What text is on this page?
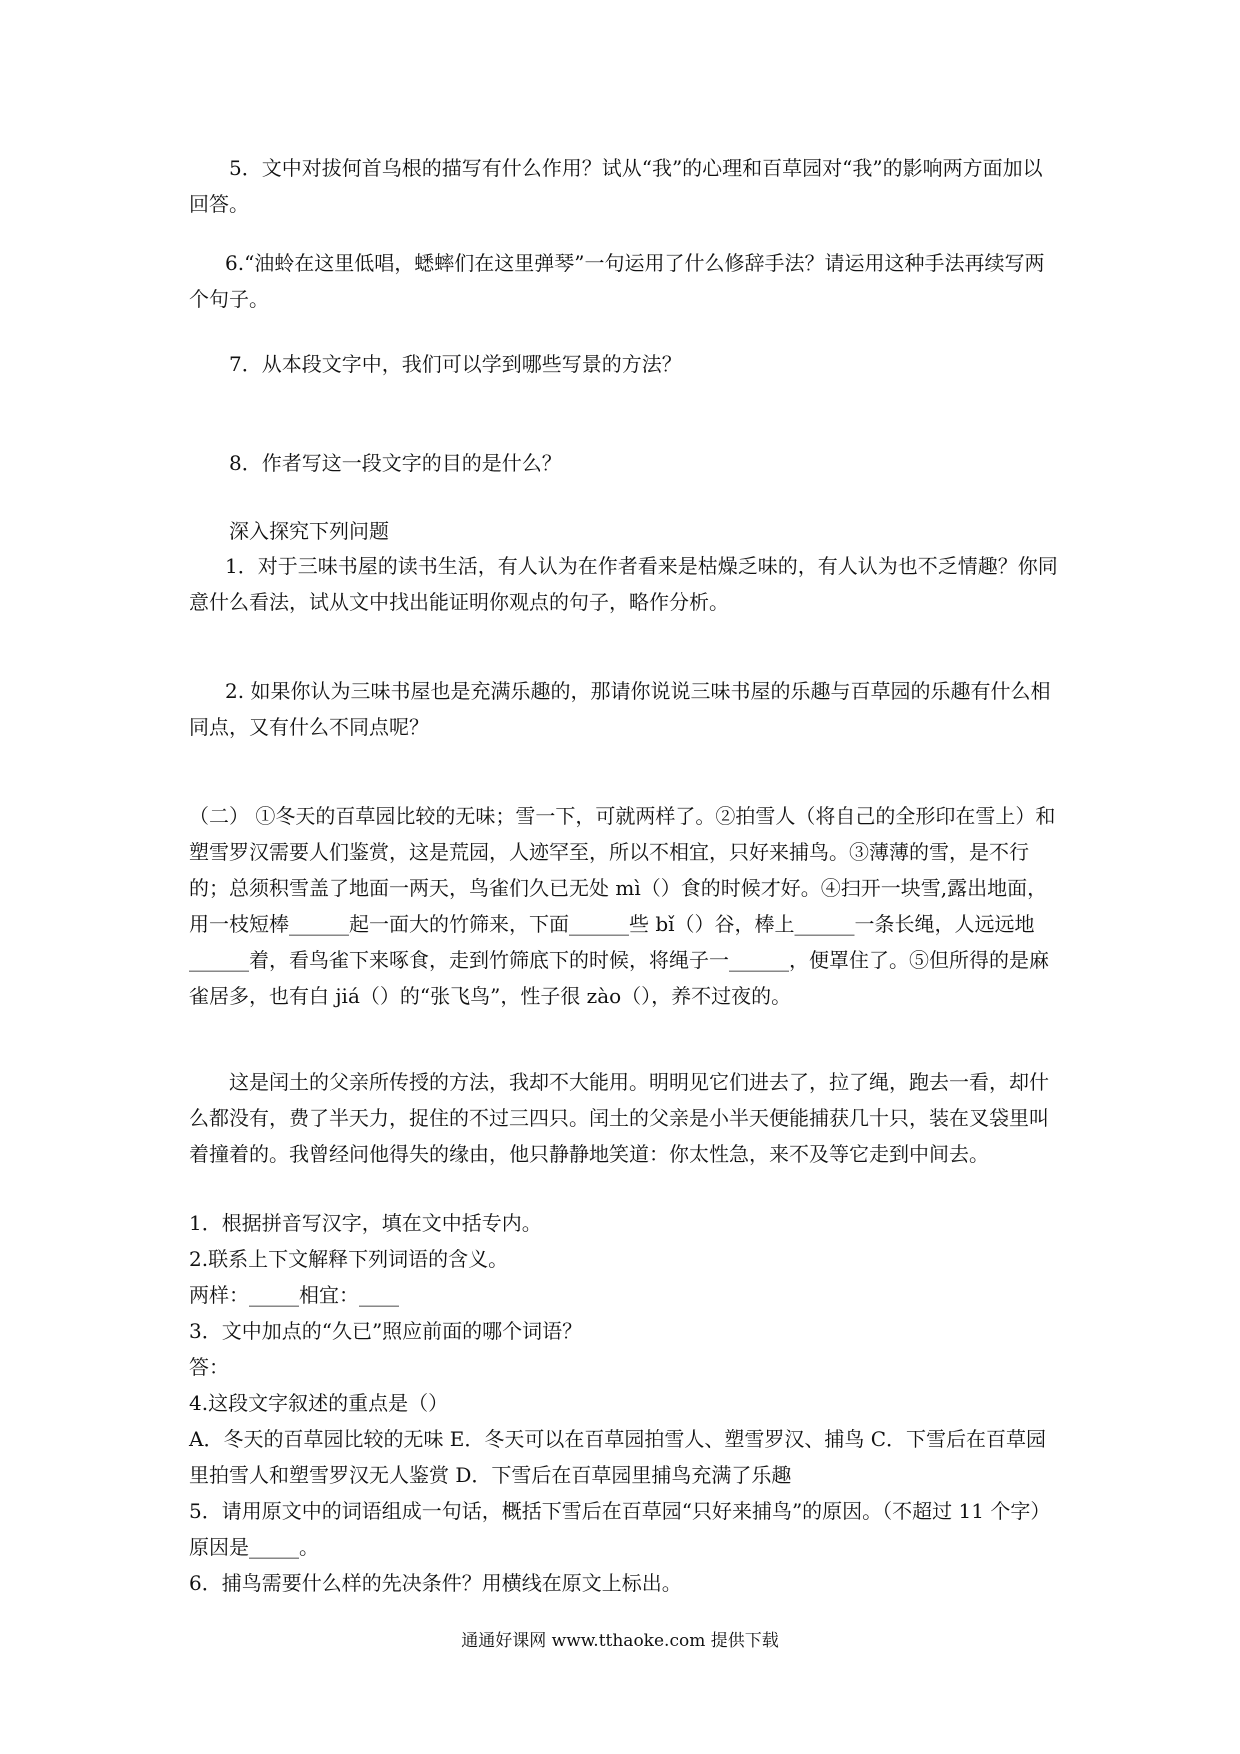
5．文中对拔何首乌根的描写有什么作用？试从“我”的心理和百草园对“我”的影响两方面加以回答。

6.“油蛉在这里低唱，蟋蟀们在这里弹琴”一句运用了什么修辞手法？请运用这种手法再续写两个句子。

7．从本段文字中，我们可以学到哪些写景的方法？

8．作者写这一段文字的目的是什么？

深入探究下列问题

1．对于三味书屋的读书生活，有人认为在作者看来是枯燥乏味的，有人认为也不乏情趣？你同意什么看法，试从文中找出能证明你观点的句子，略作分析。

2. 如果你认为三味书屋也是充满乐趣的，那请你说说三味书屋的乐趣与百草园的乐趣有什么相同点，又有什么不同点呢？

（二） ①冬天的百草园比较的无味；雪一下，可就两样了。②拍雪人（将自己的全形印在雪上）和塑雪罗汉需要人们鉴赏，这是荒园，人迹罕至，所以不相宜，只好来捕鸟。③薄薄的雪，是不行的；总须积雪盖了地面一两天，鸟雀们久已无处 mì（）食的时候才好。④扫开一块雪,露出地面，用一枝短棒______起一面大的竹筛来，下面______些 bǐ（）谷，棒上______一条长绳，人远远地______着，看鸟雀下来啄食，走到竹筛底下的时候，将绳子一______，便罩住了。⑤但所得的是麻雀居多，也有白 jiá（）的“张飞鸟”，性子很 zào（），养不过夜的。

这是闰土的父亲所传授的方法，我却不大能用。明明见它们进去了，拉了绳，跑去一看，却什么都没有，费了半天力，捉住的不过三四只。闰土的父亲是小半天便能捕获几十只，装在叉袋里叫着撞着的。我曾经问他得失的缘由，他只静静地笑道：你太性急，来不及等它走到中间去。

1．根据拼音写汉字，填在文中括专内。
2.联系上下文解释下列词语的含义。
两样：_____相宜：____
3．文中加点的“久已”照应前面的哪个词语？
答：
4.这段文字叙述的重点是（）
A．冬天的百草园比较的无味 E．冬天可以在百草园拍雪人、塑雪罗汉、捕鸟 C．下雪后在百草园里拍雪人和塑雪罗汉无人鉴赏 D．下雪后在百草园里捕鸟充满了乐趣
5．请用原文中的词语组成一句话，概括下雪后在百草园“只好来捕鸟”的原因。（不超过 11 个字） 原因是_____。
6．捕鸟需要什么样的先决条件？用横线在原文上标出。

通通好课网 www.tthaoke.com 提供下载
